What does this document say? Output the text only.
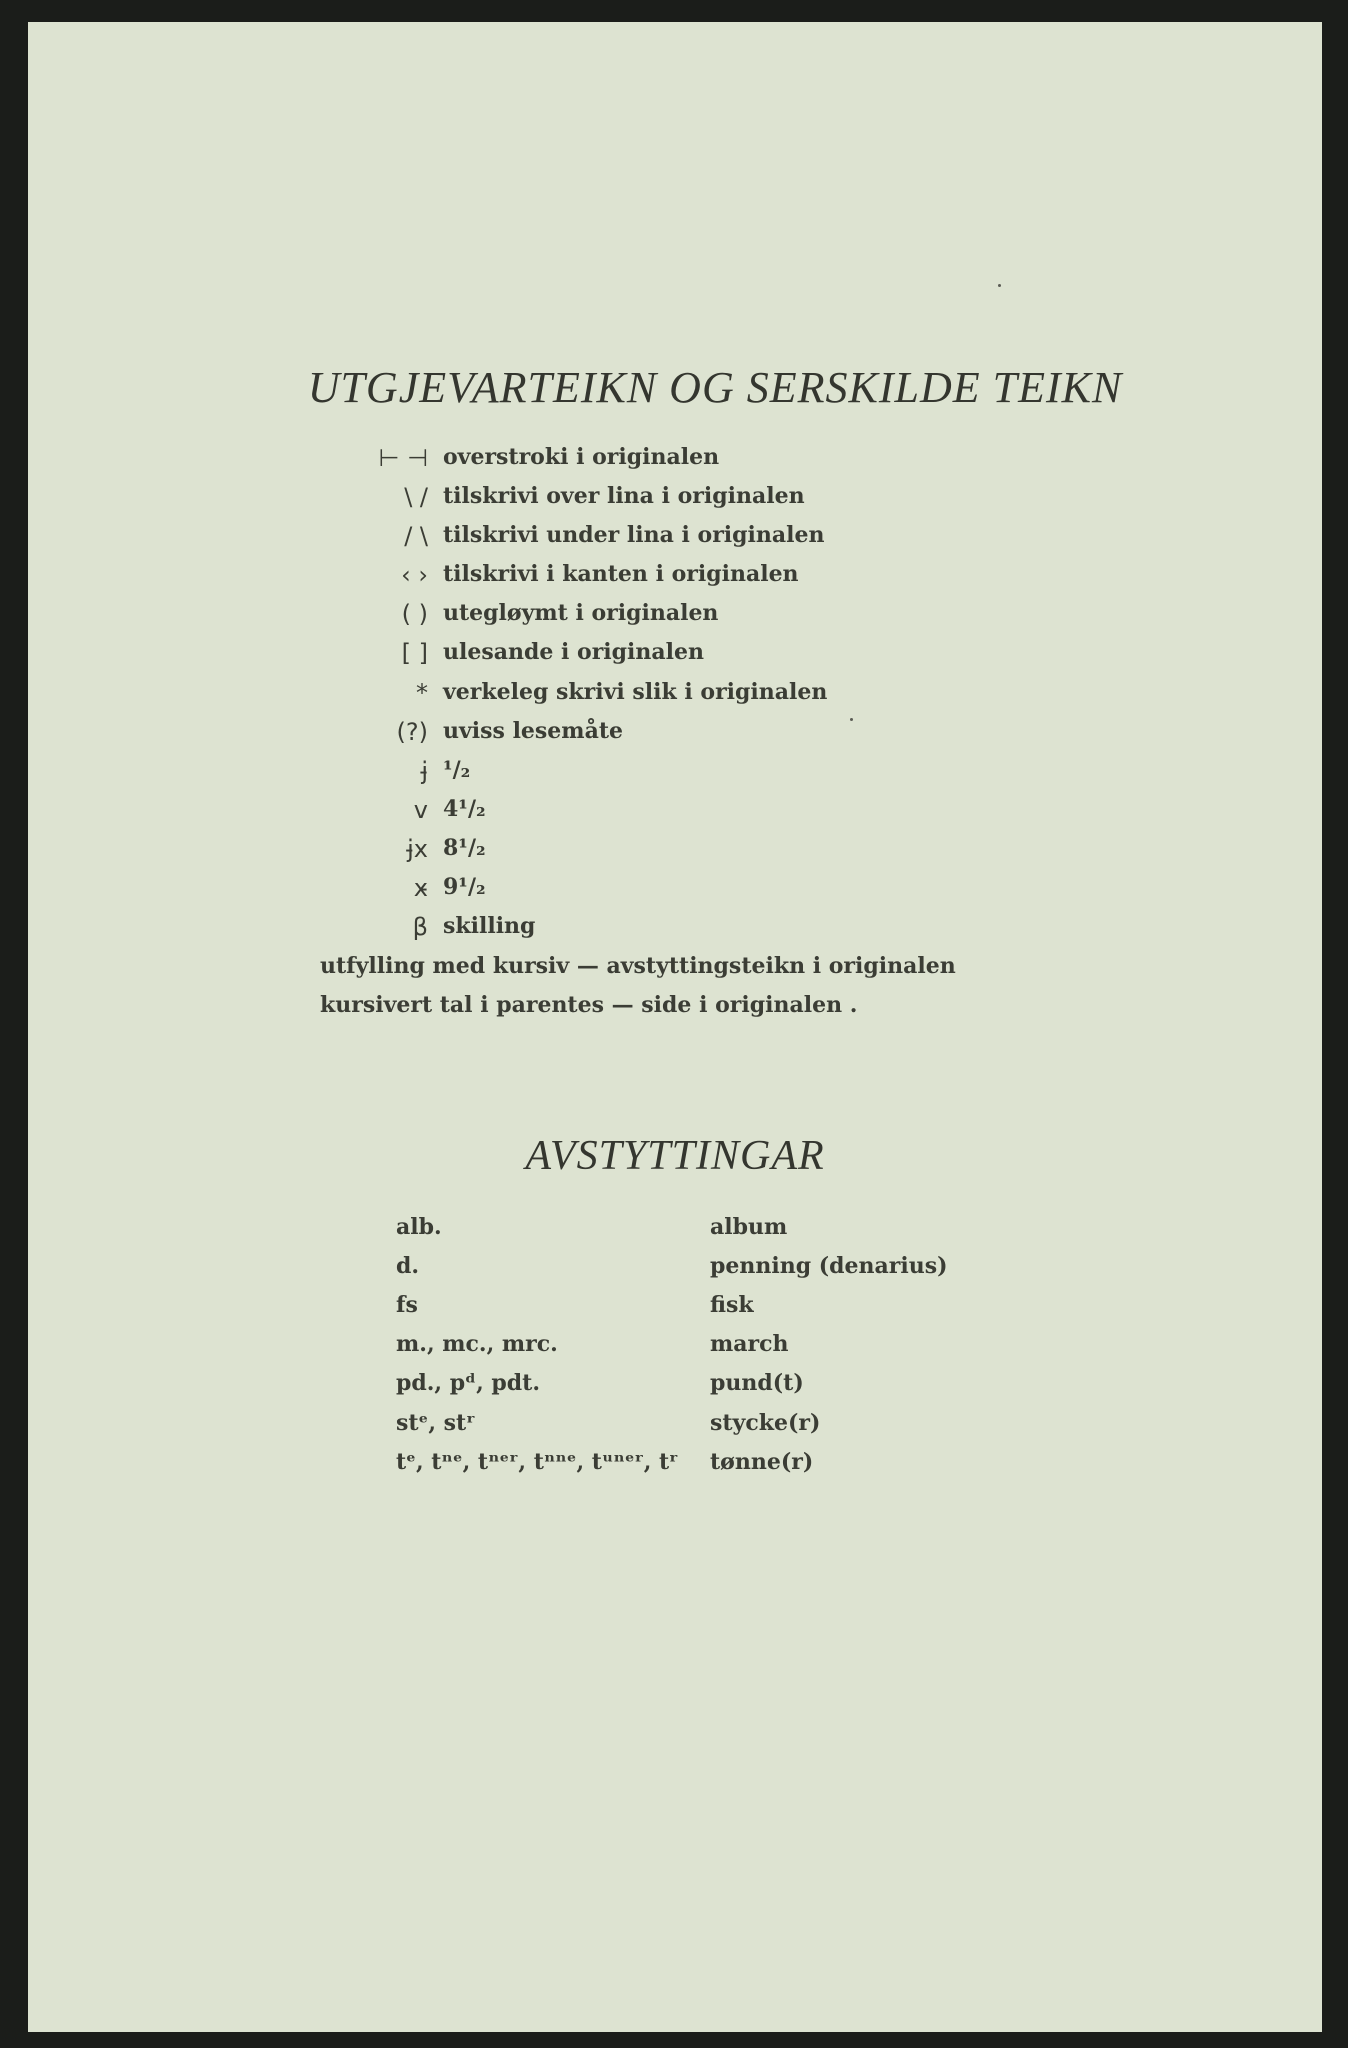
UTGJEVARTEIKN OG SERSKILDE TEIKN
⊢ ⊣ overstroki i originalen
\ / tilskrivi over lina i originalen
/ \ tilskrivi under lina i originalen
‹ › tilskrivi i kanten i originalen
( ) utegløymt i originalen
[ ] ulesande i originalen
* verkeleg skrivi slik i originalen
(?) uviss lesemåte
j̵ ¹/₂
v 4¹/₂
j̵x 8¹/₂
x̵ 9¹/₂
β skilling
utfylling med kursiv — avstyttingsteikn i originalen
kursivert tal i parentes — side i originalen .
AVSTYTTINGAR
alb.	album
d.	penning (denarius)
fs	fisk
m., mc., mrc.	march
pd., pᵈ, pdt.	pund(t)
stᵉ, stʳ	stycke(r)
tᵉ, tⁿᵉ, tⁿᵉʳ, tⁿⁿᵉ, tᵘⁿᵉʳ, tʳ tønne(r)
